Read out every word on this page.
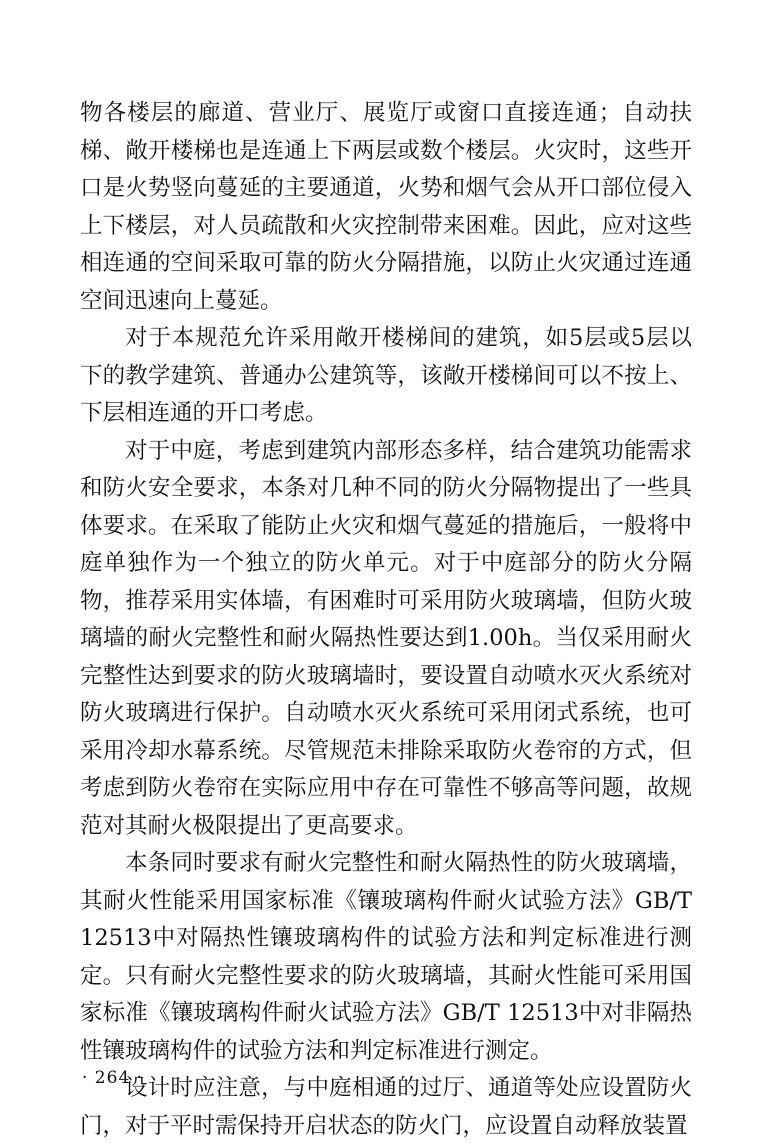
物各楼层的廊道、营业厅、展览厅或窗口直接连通；自动扶梯、敞开楼梯也是连通上下两层或数个楼层。火灾时，这些开口是火势竖向蔓延的主要通道，火势和烟气会从开口部位侵入上下楼层，对人员疏散和火灾控制带来困难。因此，应对这些相连通的空间采取可靠的防火分隔措施，以防止火灾通过连通空间迅速向上蔓延。

对于本规范允许采用敞开楼梯间的建筑，如5层或5层以下的教学建筑、普通办公建筑等，该敞开楼梯间可以不按上、下层相连通的开口考虑。

对于中庭，考虑到建筑内部形态多样，结合建筑功能需求和防火安全要求，本条对几种不同的防火分隔物提出了一些具体要求。在采取了能防止火灾和烟气蔓延的措施后，一般将中庭单独作为一个独立的防火单元。对于中庭部分的防火分隔物，推荐采用实体墙，有困难时可采用防火玻璃墙，但防火玻璃墙的耐火完整性和耐火隔热性要达到1.00h。当仅采用耐火完整性达到要求的防火玻璃墙时，要设置自动喷水灭火系统对防火玻璃进行保护。自动喷水灭火系统可采用闭式系统，也可采用冷却水幕系统。尽管规范未排除采取防火卷帘的方式，但考虑到防火卷帘在实际应用中存在可靠性不够高等问题，故规范对其耐火极限提出了更高要求。

本条同时要求有耐火完整性和耐火隔热性的防火玻璃墙，其耐火性能采用国家标准《镶玻璃构件耐火试验方法》GB/T 12513中对隔热性镶玻璃构件的试验方法和判定标准进行测定。只有耐火完整性要求的防火玻璃墙，其耐火性能可采用国家标准《镶玻璃构件耐火试验方法》GB/T 12513中对非隔热性镶玻璃构件的试验方法和判定标准进行测定。

设计时应注意，与中庭相通的过厅、通道等处应设置防火门，对于平时需保持开启状态的防火门，应设置自动释放装置

· 264 ·
